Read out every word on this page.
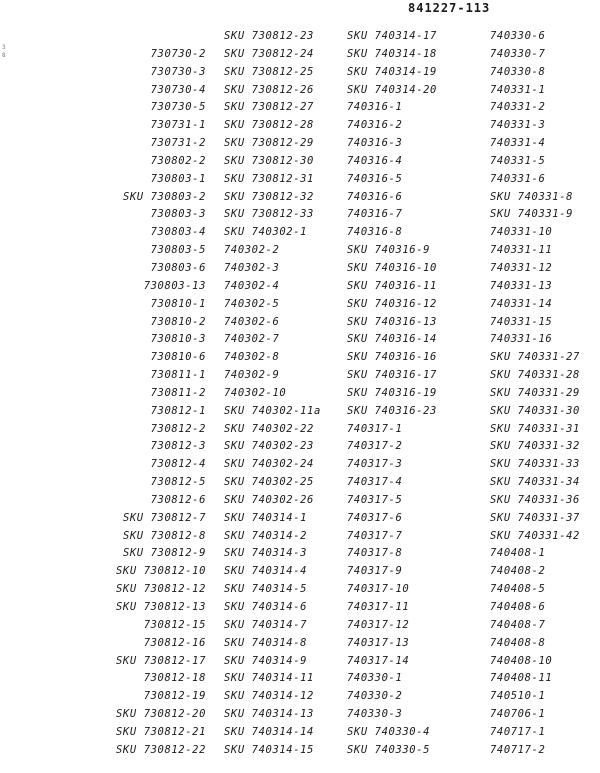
841227-113
3
8	730730-2
730730-3
730730-4
730730-5
730731-1
730731-2
730802-2
730803-1
SKU 730803-2
730803-3
730803-4
730803-5
730803-6
730803-13
730810-1
730810-2
730810-3
730810-6
730811-1
730811-2
730812-1
730812-2
730812-3
730812-4
730812-5
730812-6
SKU 730812-7
SKU 730812-8
SKU 730812-9
SKU 730812-10
SKU 730812-12
SKU 730812-13
730812-15
730812-16
SKU 730812-17
730812-18
730812-19
SKU 730812-20
SKU 730812-21
SKU 730812-22
SKU 730812-23
SKU 730812-24
SKU 730812-25
SKU 730812-26
SKU 730812-27
SKU 730812-28
SKU 730812-29
SKU 730812-30
SKU 730812-31
SKU 730812-32
SKU 730812-33
SKU 740302-1
740302-2
740302-3
740302-4
740302-5
740302-6
740302-7
740302-8
740302-9
740302-10
SKU 740302-11a
SKU 740302-22
SKU 740302-23
SKU 740302-24
SKU 740302-25
SKU 740302-26
SKU 740314-1
SKU 740314-2
SKU 740314-3
SKU 740314-4
SKU 740314-5
SKU 740314-6
SKU 740314-7
SKU 740314-8
SKU 740314-9
SKU 740314-11
SKU 740314-12
SKU 740314-13
SKU 740314-14
SKU 740314-15
SKU 740314-17
SKU 740314-18
SKU 740314-19
SKU 740314-20
740316-1
740316-2
740316-3
740316-4
740316-5
740316-6
740316-7
740316-8
SKU 740316-9
SKU 740316-10
SKU 740316-11
SKU 740316-12
SKU 740316-13
SKU 740316-14
SKU 740316-16
SKU 740316-17
SKU 740316-19
SKU 740316-23
740317-1
740317-2
740317-3
740317-4
740317-5
740317-6
740317-7
740317-8
740317-9
740317-10
740317-11
740317-12
740317-13
740317-14
740330-1
740330-2
740330-3
SKU 740330-4
SKU 740330-5
740330-6
740330-7
740330-8
740331-1
740331-2
740331-3
740331-4
740331-5
740331-6
SKU 740331-8
SKU 740331-9
740331-10
740331-11
740331-12
740331-13
740331-14
740331-15
740331-16
SKU 740331-27
SKU 740331-28
SKU 740331-29
SKU 740331-30
SKU 740331-31
SKU 740331-32
SKU 740331-33
SKU 740331-34
SKU 740331-36
SKU 740331-37
SKU 740331-42
740408-1
740408-2
740408-5
740408-6
740408-7
740408-8
740408-10
740408-11
740510-1
740706-1
740717-1
740717-2
